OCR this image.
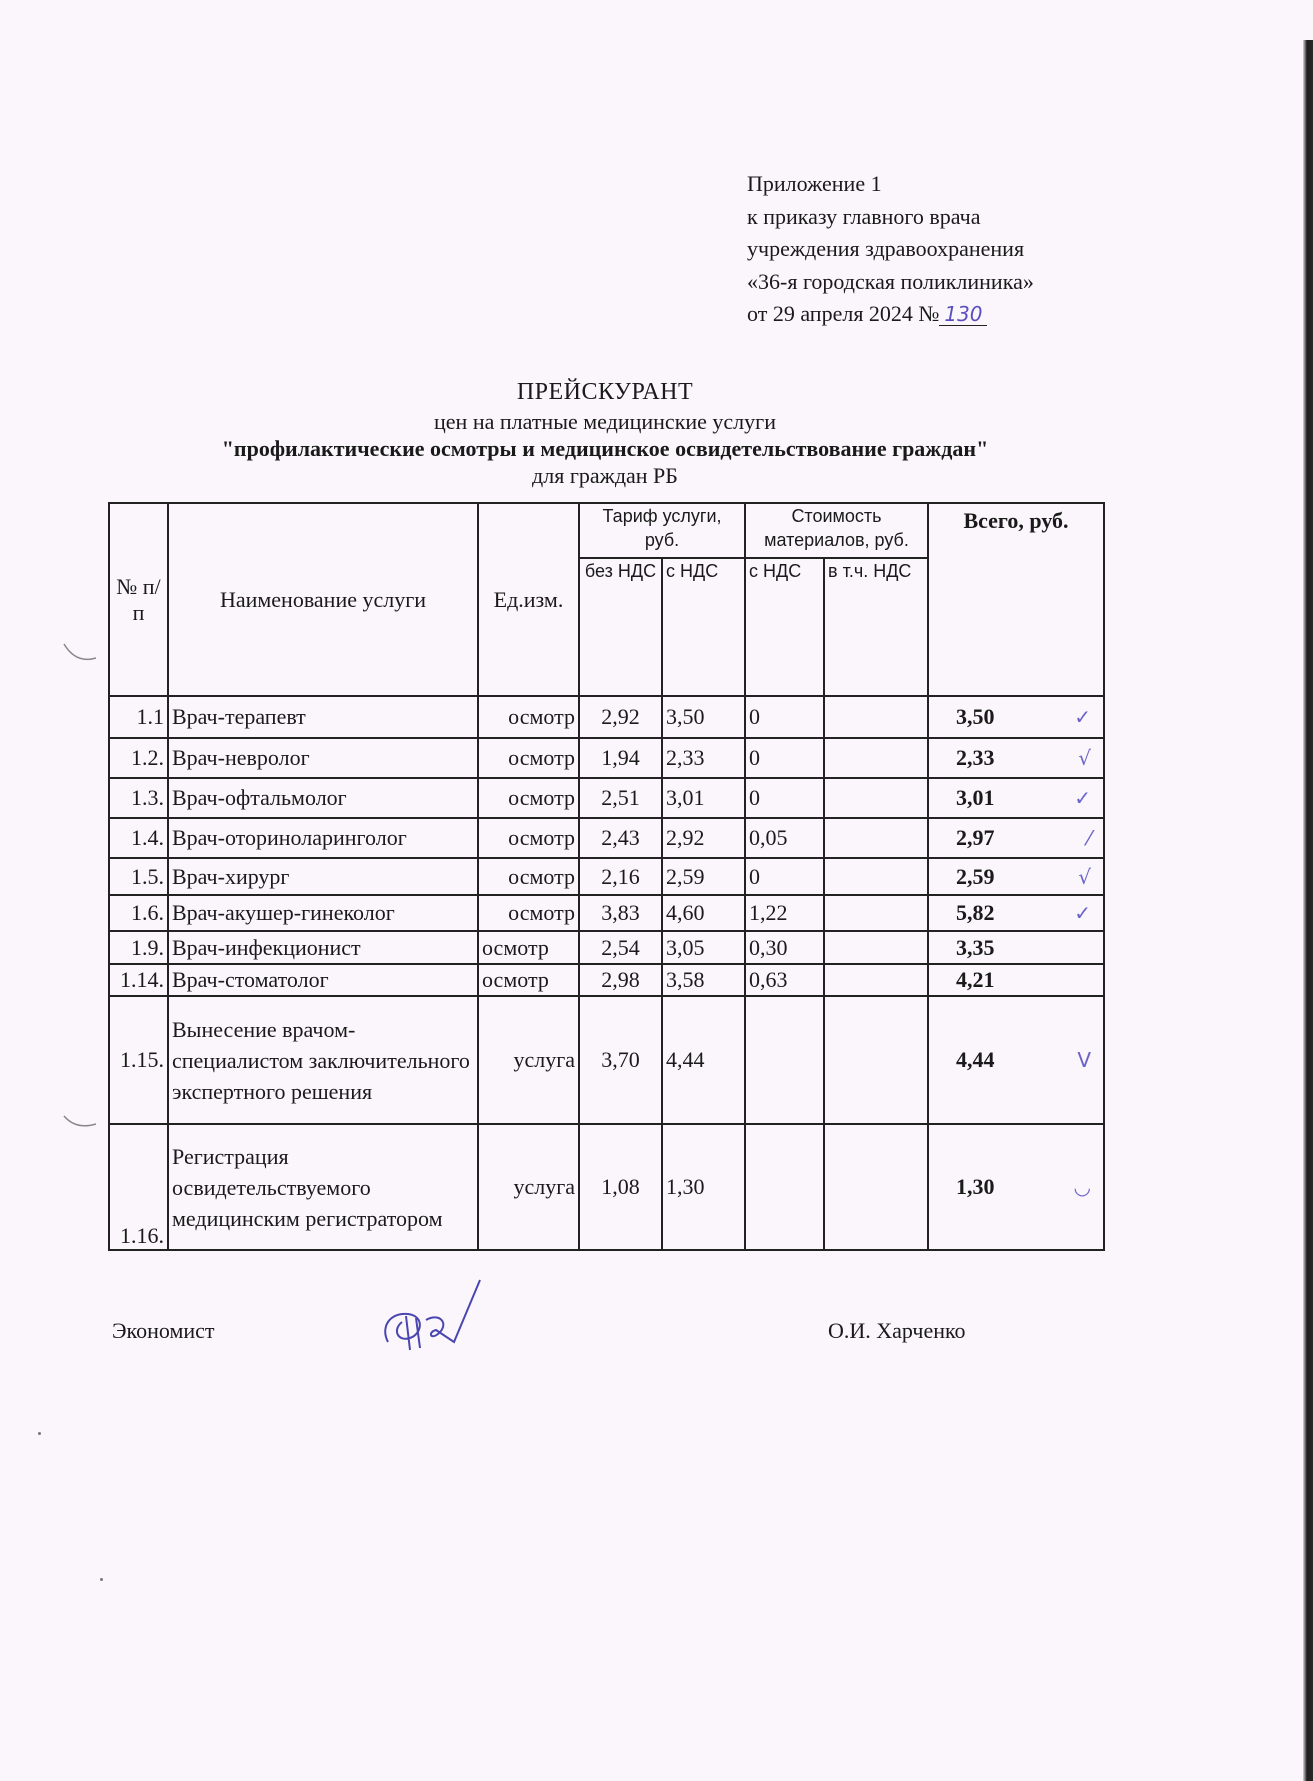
Приложение 1
к приказу главного врача
учреждения здравоохранения
«36-я городская поликлиника»
от 29 апреля 2024 № 130
ПРЕЙСКУРАНТ
цен на платные медицинские услуги
"профилактические осмотры и медицинское освидетельствование граждан"
для граждан РБ
№ п/п	Наименование услуги	Ед.изм.	Тариф услуги, руб.		Стоимость материалов, руб.		Всего, руб.
			без НДС	с НДС	с НДС	в т.ч. НДС	
1.1	Врач-терапевт	осмотр	2,92	3,50	0		3,50 ✓

1.2.	Врач-невролог	осмотр	1,94	2,33	0		2,33 √

1.3.	Врач-офтальмолог	осмотр	2,51	3,01	0		3,01 ✓

1.4.	Врач-оториноларинголог	осмотр	2,43	2,92	0,05		2,97 ⁄

1.5.	Врач-хирург	осмотр	2,16	2,59	0		2,59 √

1.6.	Врач-акушер-гинеколог	осмотр	3,83	4,60	1,22		5,82 ✓

1.9.	Врач-инфекционист	осмотр	2,54	3,05	0,30		3,35
1.14.	Врач-стоматолог	осмотр	2,98	3,58	0,63		4,21
1.15.	Вынесение врачом-специалистом заключительного экспертного решения	услуга	3,70	4,44			4,44 V

1.16.	Регистрация освидетельствуемого медицинским регистратором	услуга	1,08	1,30			1,30 ◡
Экономист	О.И. Харченко
